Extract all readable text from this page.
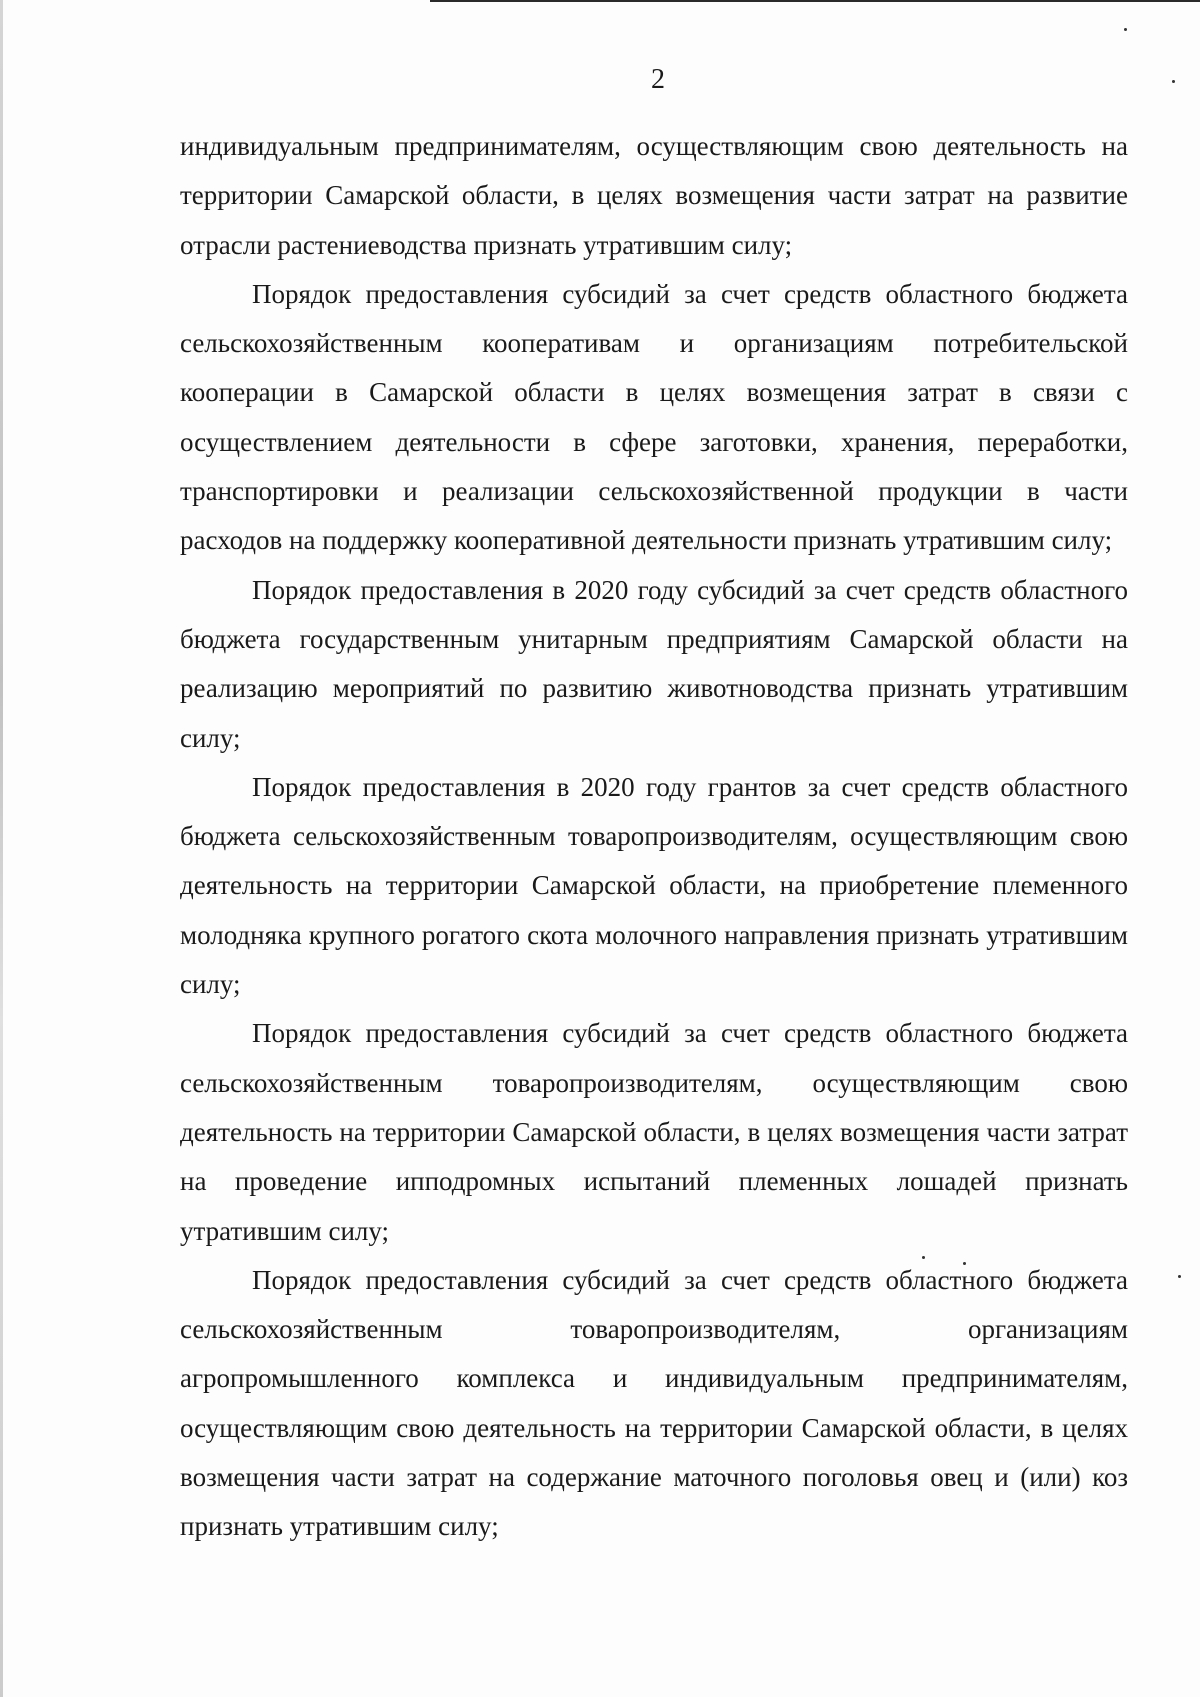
2

индивидуальным предпринимателям, осуществляющим свою деятельность на территории Самарской области, в целях возмещения части затрат на развитие отрасли растениеводства признать утратившим силу;

Порядок предоставления субсидий за счет средств областного бюджета сельскохозяйственным кооперативам и организациям потребительской кооперации в Самарской области в целях возмещения затрат в связи с осуществлением деятельности в сфере заготовки, хранения, переработки, транспортировки и реализации сельскохозяйственной продукции в части расходов на поддержку кооперативной деятельности признать утратившим силу;

Порядок предоставления в 2020 году субсидий за счет средств областного бюджета государственным унитарным предприятиям Самарской области на реализацию мероприятий по развитию животноводства признать утратившим силу;

Порядок предоставления в 2020 году грантов за счет средств областного бюджета сельскохозяйственным товаропроизводителям, осуществляющим свою деятельность на территории Самарской области, на приобретение племенного молодняка крупного рогатого скота молочного направления признать утратившим силу;

Порядок предоставления субсидий за счет средств областного бюджета сельскохозяйственным товаропроизводителям, осуществляющим свою деятельность на территории Самарской области, в целях возмещения части затрат на проведение ипподромных испытаний племенных лошадей признать утратившим силу;

Порядок предоставления субсидий за счет средств областного бюджета сельскохозяйственным товаропроизводителям, организациям агропромышленного комплекса и индивидуальным предпринимателям, осуществляющим свою деятельность на территории Самарской области, в целях возмещения части затрат на содержание маточного поголовья овец и (или) коз признать утратившим силу;
